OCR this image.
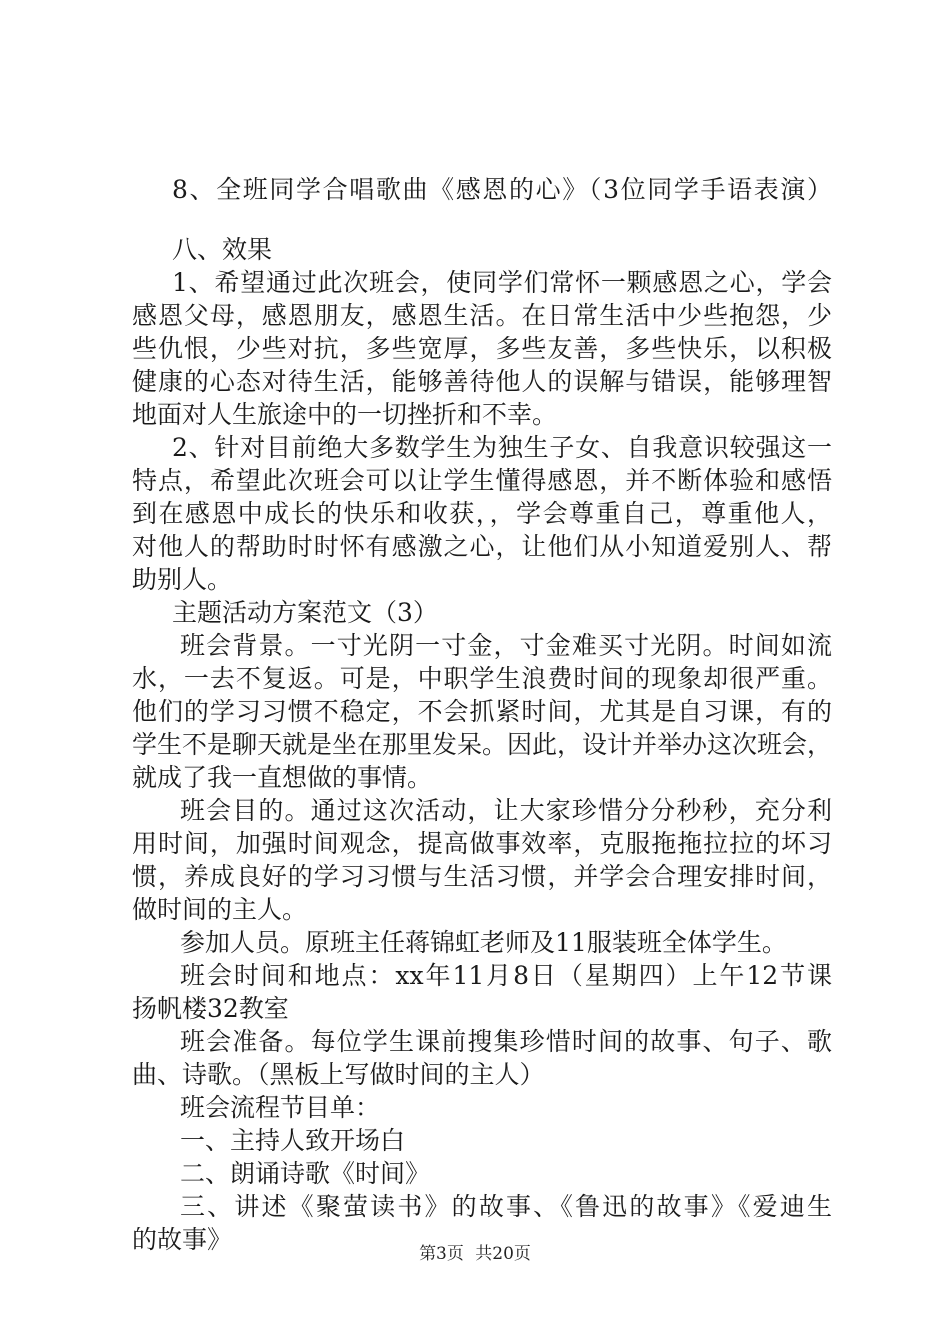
8、全班同学合唱歌曲《感恩的心》（3位同学手语表演）
八、效果
1、希望通过此次班会，使同学们常怀一颗感恩之心，学会
感恩父母，感恩朋友，感恩生活。在日常生活中少些抱怨，少
些仇恨，少些对抗，多些宽厚，多些友善，多些快乐，以积极
健康的心态对待生活，能够善待他人的误解与错误，能够理智
地面对人生旅途中的一切挫折和不幸。
2、针对目前绝大多数学生为独生子女、自我意识较强这一
特点，希望此次班会可以让学生懂得感恩，并不断体验和感悟
到在感恩中成长的快乐和收获，，学会尊重自己，尊重他人，
对他人的帮助时时怀有感激之心，让他们从小知道爱别人、帮
助别人。
主题活动方案范文（3）
班会背景。一寸光阴一寸金，寸金难买寸光阴。时间如流
水，一去不复返。可是，中职学生浪费时间的现象却很严重。
他们的学习习惯不稳定，不会抓紧时间，尤其是自习课，有的
学生不是聊天就是坐在那里发呆。因此，设计并举办这次班会，
就成了我一直想做的事情。
班会目的。通过这次活动，让大家珍惜分分秒秒，充分利
用时间，加强时间观念，提高做事效率，克服拖拖拉拉的坏习
惯，养成良好的学习习惯与生活习惯，并学会合理安排时间，
做时间的主人。
参加人员。原班主任蒋锦虹老师及11服装班全体学生。
班会时间和地点：xx年11月8日（星期四）上午12节课
扬帆楼32教室
班会准备。每位学生课前搜集珍惜时间的故事、句子、歌
曲、诗歌。（黑板上写做时间的主人）
班会流程节目单：
一、主持人致开场白
二、朗诵诗歌《时间》
三、讲述《聚萤读书》的故事、《鲁迅的故事》《爱迪生
的故事》	第3页 共20页
